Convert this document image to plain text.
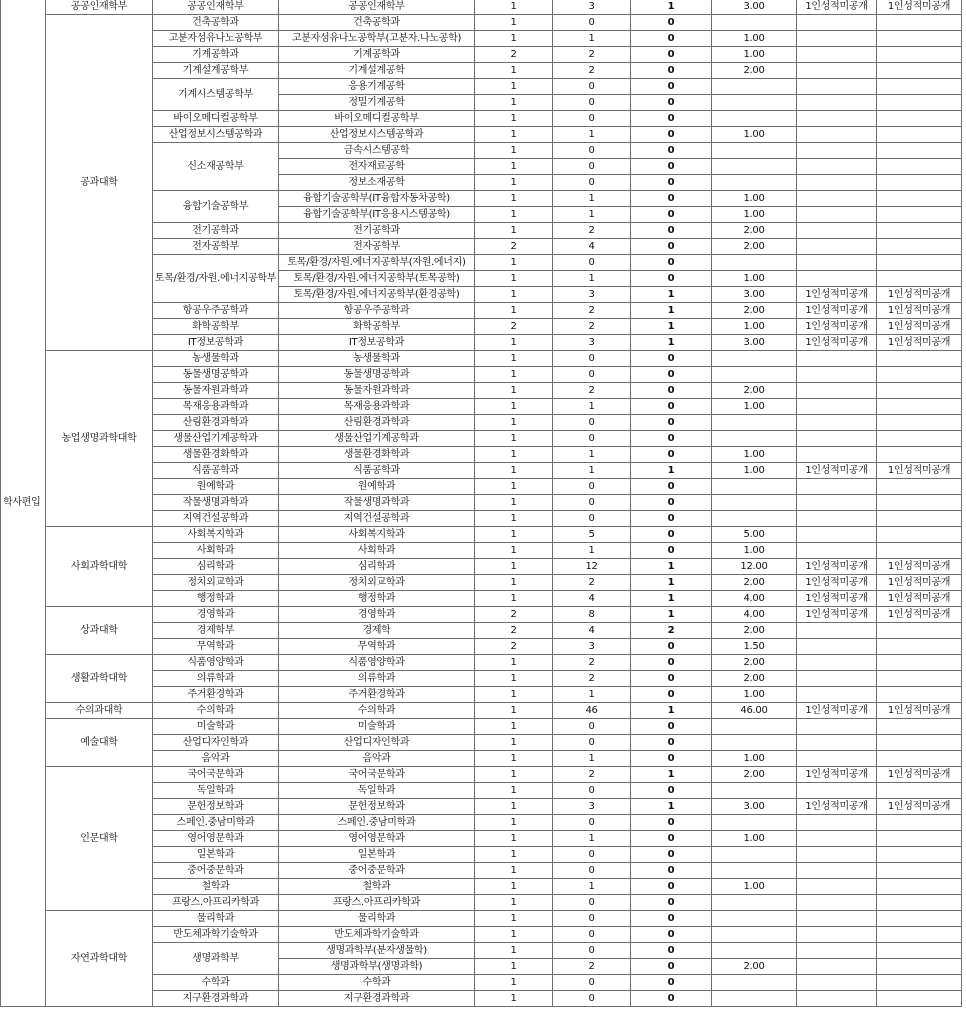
학사편입	공공인재학부	공공인재학부	공공인재학부	1	3	1	3.00	1인성적미공개	1인성적미공개
	공과대학	건축공학과	건축공학과	1	0	0			
		고분자섬유나노공학부	고분자섬유나노공학부(고분자.나노공학)	1	1	0	1.00		
		기계공학과	기계공학과	2	2	0	1.00		
		기계설계공학부	기계설계공학	1	2	0	2.00		
		기계시스템공학부	응용기계공학	1	0	0			
			정밀기계공학	1	0	0			
		바이오메디컬공학부	바이오메디컬공학부	1	0	0			
		산업정보시스템공학과	산업정보시스템공학과	1	1	0	1.00		
		신소재공학부	금속시스템공학	1	0	0			
			전자재료공학	1	0	0			
			정보소재공학	1	0	0			
		융합기술공학부	융합기술공학부(IT융합자동차공학)	1	1	0	1.00		
			융합기술공학부(IT응용시스템공학)	1	1	0	1.00		
		전기공학과	전기공학과	1	2	0	2.00		
		전자공학부	전자공학부	2	4	0	2.00		
		토목/환경/자원.에너지공학부	토목/환경/자원.에너지공학부(자원.에너지)	1	0	0			
			토목/환경/자원.에너지공학부(토목공학)	1	1	0	1.00		
			토목/환경/자원.에너지공학부(환경공학)	1	3	1	3.00	1인성적미공개	1인성적미공개
		항공우주공학과	항공우주공학과	1	2	1	2.00	1인성적미공개	1인성적미공개
		화학공학부	화학공학부	2	2	1	1.00	1인성적미공개	1인성적미공개
		IT정보공학과	IT정보공학과	1	3	1	3.00	1인성적미공개	1인성적미공개
	농업생명과학대학	농생물학과	농생물학과	1	0	0			
		동물생명공학과	동물생명공학과	1	0	0			
		동물자원과학과	동물자원과학과	1	2	0	2.00		
		목재응용과학과	목재응용과학과	1	1	0	1.00		
		산림환경과학과	산림환경과학과	1	0	0			
		생물산업기계공학과	생물산업기계공학과	1	0	0			
		생물환경화학과	생물환경화학과	1	1	0	1.00		
		식품공학과	식품공학과	1	1	1	1.00	1인성적미공개	1인성적미공개
		원예학과	원예학과	1	0	0			
		작물생명과학과	작물생명과학과	1	0	0			
		지역건설공학과	지역건설공학과	1	0	0			
	사회과학대학	사회복지학과	사회복지학과	1	5	0	5.00		
		사회학과	사회학과	1	1	0	1.00		
		심리학과	심리학과	1	12	1	12.00	1인성적미공개	1인성적미공개
		정치외교학과	정치외교학과	1	2	1	2.00	1인성적미공개	1인성적미공개
		행정학과	행정학과	1	4	1	4.00	1인성적미공개	1인성적미공개
	상과대학	경영학과	경영학과	2	8	1	4.00	1인성적미공개	1인성적미공개
		경제학부	경제학	2	4	2	2.00		
		무역학과	무역학과	2	3	0	1.50		
	생활과학대학	식품영양학과	식품영양학과	1	2	0	2.00		
		의류학과	의류학과	1	2	0	2.00		
		주거환경학과	주거환경학과	1	1	0	1.00		
	수의과대학	수의학과	수의학과	1	46	1	46.00	1인성적미공개	1인성적미공개
	예술대학	미술학과	미술학과	1	0	0			
		산업디자인학과	산업디자인학과	1	0	0			
		음악과	음악과	1	1	0	1.00		
	인문대학	국어국문학과	국어국문학과	1	2	1	2.00	1인성적미공개	1인성적미공개
		독일학과	독일학과	1	0	0			
		문헌정보학과	문헌정보학과	1	3	1	3.00	1인성적미공개	1인성적미공개
		스페인.중남미학과	스페인.중남미학과	1	0	0			
		영어영문학과	영어영문학과	1	1	0	1.00		
		일본학과	일본학과	1	0	0			
		중어중문학과	중어중문학과	1	0	0			
		철학과	철학과	1	1	0	1.00		
		프랑스.아프리카학과	프랑스.아프리카학과	1	0	0			
	자연과학대학	물리학과	물리학과	1	0	0			
		반도체과학기술학과	반도체과학기술학과	1	0	0			
		생명과학부	생명과학부(분자생물학)	1	0	0			
			생명과학부(생명과학)	1	2	0	2.00		
		수학과	수학과	1	0	0			
		지구환경과학과	지구환경과학과	1	0	0			
